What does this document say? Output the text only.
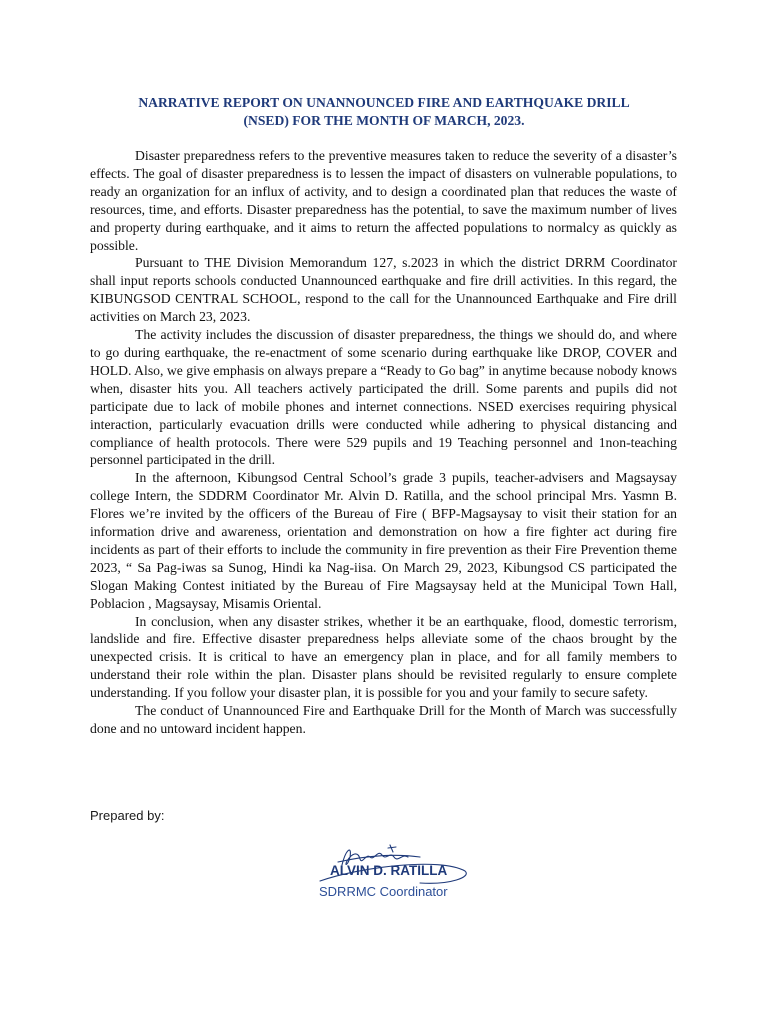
NARRATIVE REPORT ON UNANNOUNCED FIRE AND EARTHQUAKE DRILL
(NSED) FOR THE MONTH OF MARCH, 2023.

Disaster preparedness refers to the preventive measures taken to reduce the severity of a disaster’s effects. The goal of disaster preparedness is to lessen the impact of disasters on vulnerable populations, to ready an organization for an influx of activity, and to design a coordinated plan that reduces the waste of resources, time, and efforts. Disaster preparedness has the potential, to save the maximum number of lives and property during earthquake, and it aims to return the affected populations to normalcy as quickly as possible.

Pursuant to THE Division Memorandum 127, s.2023 in which the district DRRM Coordinator shall input reports schools conducted Unannounced earthquake and fire drill activities. In this regard, the KIBUNGSOD CENTRAL SCHOOL, respond to the call for the Unannounced Earthquake and Fire drill activities on March 23, 2023.

The activity includes the discussion of disaster preparedness, the things we should do, and where to go during earthquake, the re-enactment of some scenario during earthquake like DROP, COVER and HOLD. Also, we give emphasis on always prepare a “Ready to Go bag” in anytime because nobody knows when, disaster hits you. All teachers actively participated the drill. Some parents and pupils did not participate due to lack of mobile phones and internet connections. NSED exercises requiring physical interaction, particularly evacuation drills were conducted while adhering to physical distancing and compliance of health protocols. There were 529 pupils and 19 Teaching personnel and 1non-teaching personnel participated in the drill.

In the afternoon, Kibungsod Central School’s grade 3 pupils, teacher-advisers and Magsaysay college Intern, the SDDRM Coordinator Mr. Alvin D. Ratilla, and the school principal Mrs. Yasmn B. Flores we’re invited by the officers of the Bureau of Fire ( BFP-Magsaysay to visit their station for an information drive and awareness, orientation and demonstration on how a fire fighter act during fire incidents as part of their efforts to include the community in fire prevention as their Fire Prevention theme 2023, “ Sa Pag-iwas sa Sunog, Hindi ka Nag-iisa. On March 29, 2023, Kibungsod CS participated the Slogan Making Contest initiated by the Bureau of Fire Magsaysay held at the Municipal Town Hall, Poblacion , Magsaysay, Misamis Oriental.

In conclusion, when any disaster strikes, whether it be an earthquake, flood, domestic terrorism, landslide and fire. Effective disaster preparedness helps alleviate some of the chaos brought by the unexpected crisis. It is critical to have an emergency plan in place, and for all family members to understand their role within the plan. Disaster plans should be revisited regularly to ensure complete understanding. If you follow your disaster plan, it is possible for you and your family to secure safety.

The conduct of Unannounced Fire and Earthquake Drill for the Month of March was successfully done and no untoward incident happen.

Prepared by:
ALVIN D. RATILLA
SDRRMC Coordinator
